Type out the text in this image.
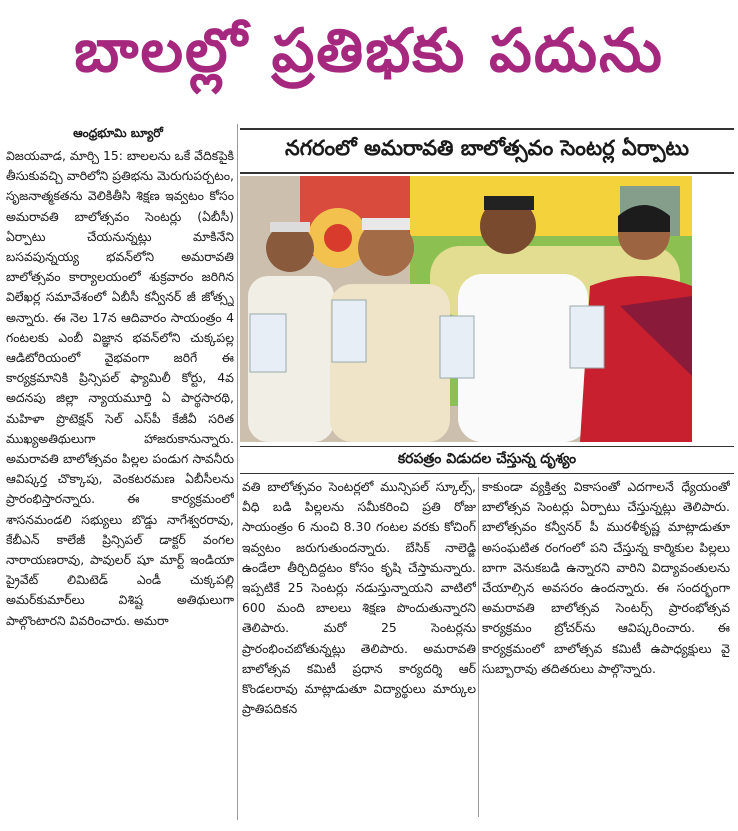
బాలల్లో ప్రతిభకు పదును
ఆంధ్రభూమి బ్యూరో
విజయవాడ, మార్చి 15: బాలలను ఒకే వేదికపైకి తీసుకువచ్చి వారిలోని ప్రతిభను మెరుగుపర్చటం, సృజనాత్మకతను వెలికితీసి శిక్షణ ఇవ్వటం కోసం అమరావతి బాలోత్సవం సెంటర్లు (ఏబీసీ) ఏర్పాటు చేయనున్నట్లు మాకినేని బసవపున్నయ్య భవన్‌లోని అమరావతి బాలోత్సవం కార్యాలయంలో శుక్రవారం జరిగిన విలేఖర్ల సమావేశంలో ఏబీసీ కన్వీనర్ జీ జోత్స్న అన్నారు. ఈ నెల 17న ఆదివారం సాయంత్రం 4 గంటలకు ఎంబీ విజ్ఞాన భవన్‌లోని చుక్కపల్ల ఆడిటోరియంలో వైభవంగా జరిగే ఈ కార్యక్రమానికి ప్రిన్సిపల్ ఫ్యామిలీ కోర్టు, 4వ అదనపు జిల్లా న్యాయమూర్తి ఏ పార్థసారథి, మహిళా ప్రొటెక్షన్ సెల్ ఎస్‌పీ కేజీవీ సరిత ముఖ్యఅతిథులుగా హాజరుకానున్నారు. అమరావతి బాలోత్సవం పిల్లల పండుగ సావనీరు ఆవిష్కర్త చొక్కాపు, వెంకటరమణ ఏబీసీలను ప్రారంభిస్తారన్నారు. ఈ కార్యక్రమంలో శాసనమండలి సభ్యులు బొడ్డు నాగేశ్వరరావు, కేబీఎన్ కాలేజీ ప్రిన్సిపల్ డాక్టర్ వంగల నారాయణరావు, పావులర్ షూ మార్ట్ ఇండియా ప్రైవేట్ లిమిటెడ్ ఎండీ చుక్కపల్లి అమర్‌కుమార్‌లు విశిష్ట అతిథులుగా పాల్గొంటారని వివరించారు. అమరా
నగరంలో అమరావతి బాలోత్సవం సెంటర్ల ఏర్పాటు
కరపత్రం విడుదల చేస్తున్న దృశ్యం
వతి బాలోత్సవం సెంటర్లలో మున్సిపల్ స్కూల్స్, వీధి బడి పిల్లలను సమీకరించి ప్రతి రోజు సాయంత్రం 6 నుంచి 8.30 గంటల వరకు కోచింగ్ ఇవ్వటం జరుగుతుందన్నారు. బేసిక్ నాలెడ్జి ఉండేలా తీర్చిదిద్దటం కోసం కృషి చేస్తామన్నారు. ఇప్పటికే 25 సెంటర్లు నడుస్తున్నాయని వాటిలో 600 మంది బాలలు శిక్షణ పొందుతున్నారని తెలిపారు. మరో 25 సెంటర్లను ప్రారంభించబోతున్నట్లు తెలిపారు. అమరావతి బాలోత్సవ కమిటీ ప్రధాన కార్యదర్శి ఆర్ కొండలరావు మాట్లాడుతూ విద్యార్థులు మార్కుల ప్రాతిపదికన
కాకుండా వ్యక్తిత్వ వికాసంతో ఎదగాలనే ధ్యేయంతో బాలోత్సవ సెంటర్లు ఏర్పాటు చేస్తున్నట్లు తెలిపారు. బాలోత్సవం కన్వీనర్ పీ మురళీకృష్ణ మాట్లాడుతూ అసంఘటిత రంగంలో పని చేస్తున్న కార్మికుల పిల్లలు బాగా వెనుకబడి ఉన్నారని వారిని విద్యావంతులను చేయాల్సిన అవసరం ఉందన్నారు. ఈ సందర్భంగా అమరావతి బాలోత్సవ సెంటర్స్ ప్రారంభోత్సవ కార్యక్రమం బ్రోచర్‌ను ఆవిష్కరించారు. ఈ కార్యక్రమంలో బాలోత్సవ కమిటీ ఉపాధ్యక్షులు వై సుబ్బారావు తదితరులు పాల్గొన్నారు.
